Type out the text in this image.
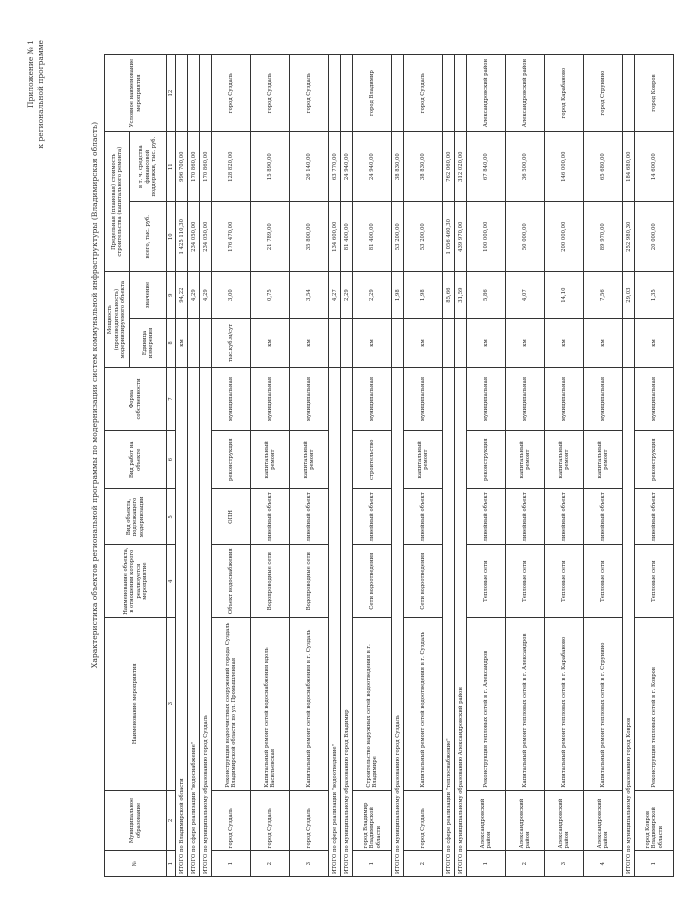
Приложение № 1 к региональной программе
Характеристика объектов региональной программы по модернизации систем коммунальной инфраструктуры (Владимирская область)
№	Муниципальное образование	Наименование мероприятия	Наименование объекта, в отношении которого реализуется мероприятие	Вид объекта, подлежащего модернизации	Вид работ на объекте	Форма собственности	Мощность (производительность) модернизируемого объекта		Предельная (плановая) стоимость строительства (капитального ремонта)		Условное наименование мероприятия
							Единица измерения	значение	всего, тыс. руб.	в т. ч. средства финансовой поддержки, тыс. руб.	
1	2	3	4	5	6	7	8	9	10	11	12
ИТОГО по Владимирской области							км	94,22	1 425 110,30	996 700,00	
ИТОГО по сфере реализации "водоснабжение"								4,29	234 050,00	170 860,00	
ИТОГО по муниципальному образованию город Суздаль								4,29	234 050,00	170 860,00	
1	город Суздаль	Реконструкция водоочистных сооружений города Суздаль Владимирской области по ул. Промышленная	Объект водоснабжения	ОПН	реконструкция	муниципальная	тыс.куб.м/сут	3,00	176 470,00	128 820,00	город Суздаль
2	город Суздаль	Капитальный ремонт сетей водоснабжения вдоль Васильевская	Водопроводные сети	линейный объект	капитальный ремонт	муниципальная	км	0,75	21 789,00	15 890,00	город Суздаль
3	город Суздаль	Капитальный ремонт сетей водоснабжения в г. Суздаль	Водопроводные сети	линейный объект	капитальный ремонт	муниципальная	км	3,54	35 800,00	26 140,00	город Суздаль
ИТОГО по сфере реализации "водоотведение"								4,27	134 600,00	63 770,00	
ИТОГО по муниципальному образованию город Владимир								2,29	81 400,00	24 940,00	
1	город Владимир Владимирской области	Строительство наружных сетей водоотведения в г. Владимире	Сети водоотведения	линейный объект	строительство	муниципальная	км	2,29	81 400,00	24 940,00	город Владимир
ИТОГО по муниципальному образованию город Суздаль								1,98	53 200,00	38 830,00	
2	город Суздаль	Капитальный ремонт сетей водоотведения в г. Суздаль	Сети водоотведения	линейный объект	капитальный ремонт	муниципальная	км	1,98	53 200,00	38 830,00	город Суздаль
ИТОГО по сфере реализации "теплоснабжение"								85,66	1 056 460,30	762 060,00	
ИТОГО по муниципальному образованию Александровский район								31,59	439 970,00	312 020,00	
1	Александровский район	Реконструкция тепловых сетей в г. Александров	Тепловые сети	линейный объект	реконструкция	муниципальная	км	5,86	100 000,00	67 840,00	Александровский район
2	Александровский район	Капитальный ремонт тепловых сетей в г. Александров	Тепловые сети	линейный объект	капитальный ремонт	муниципальная	км	4,07	50 000,00	36 500,00	Александровский район
3	Александровский район	Капитальный ремонт тепловых сетей в г. Карабаново	Тепловые сети	линейный объект	капитальный ремонт	муниципальная	км	14,10	200 000,00	146 000,00	город Карабаново
4	Александровский район	Капитальный ремонт тепловых сетей в г. Струнино	Тепловые сети	линейный объект	капитальный ремонт	муниципальная	км	7,56	89 970,00	65 680,00	город Струнино
ИТОГО по муниципальному образованию город Ковров								29,03	252 980,30	184 680,00	
1	город Ковров Владимирской области	Реконструкция тепловых сетей в г. Ковров	Тепловые сети	линейный объект	реконструкция	муниципальная	км	1,35	20 000,00	14 600,00	город Ковров
